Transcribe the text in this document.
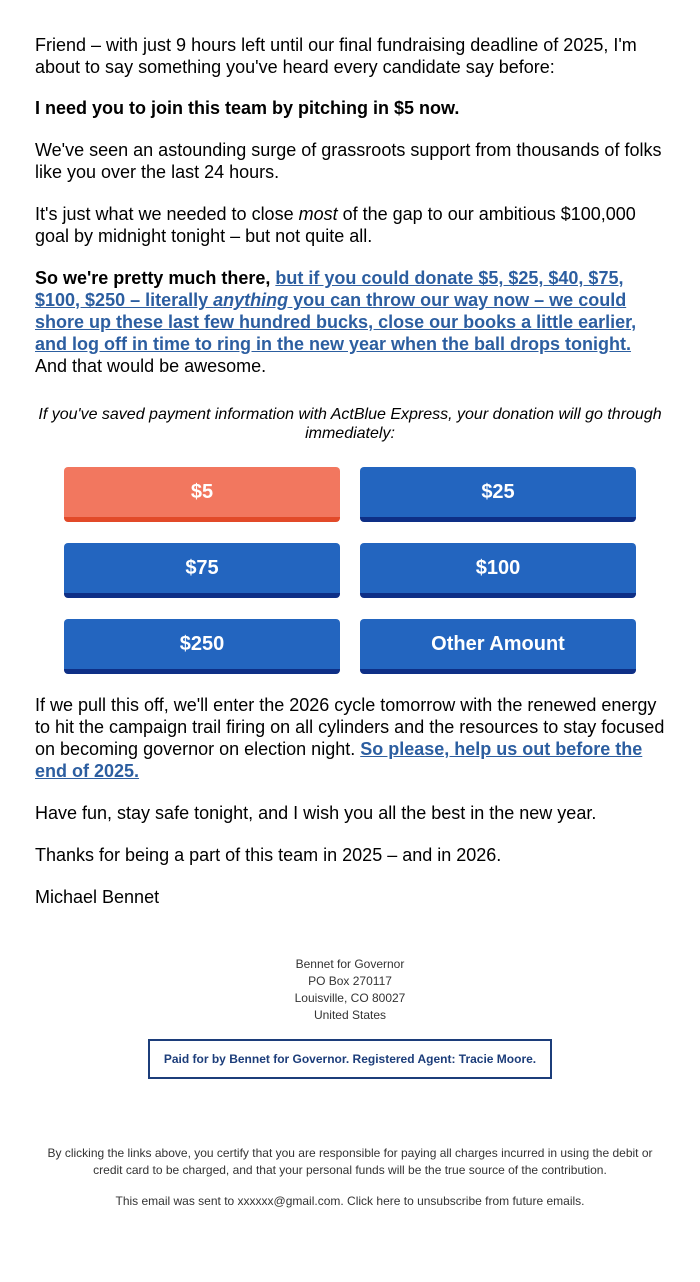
Friend – with just 9 hours left until our final fundraising deadline of 2025, I'm about to say something you've heard every candidate say before:

I need you to join this team by pitching in $5 now.

We've seen an astounding surge of grassroots support from thousands of folks like you over the last 24 hours.

It's just what we needed to close most of the gap to our ambitious $100,000 goal by midnight tonight – but not quite all.

So we're pretty much there, but if you could donate $5, $25, $40, $75, $100, $250 – literally anything you can throw our way now – we could shore up these last few hundred bucks, close our books a little earlier, and log off in time to ring in the new year when the ball drops tonight. And that would be awesome.

If you've saved payment information with ActBlue Express, your donation will go through immediately:
$5	$25
$75	$100
$250	Other Amount

If we pull this off, we'll enter the 2026 cycle tomorrow with the renewed energy to hit the campaign trail firing on all cylinders and the resources to stay focused on becoming governor on election night. So please, help us out before the end of 2025.

Have fun, stay safe tonight, and I wish you all the best in the new year.

Thanks for being a part of this team in 2025 – and in 2026.

Michael Bennet

Bennet for Governor
PO Box 270117
Louisville, CO 80027
United States
Paid for by Bennet for Governor. Registered Agent: Tracie Moore.
By clicking the links above, you certify that you are responsible for paying all charges incurred in using the debit or credit card to be charged, and that your personal funds will be the true source of the contribution.
This email was sent to xxxxxx@gmail.com. Click here to unsubscribe from future emails.
